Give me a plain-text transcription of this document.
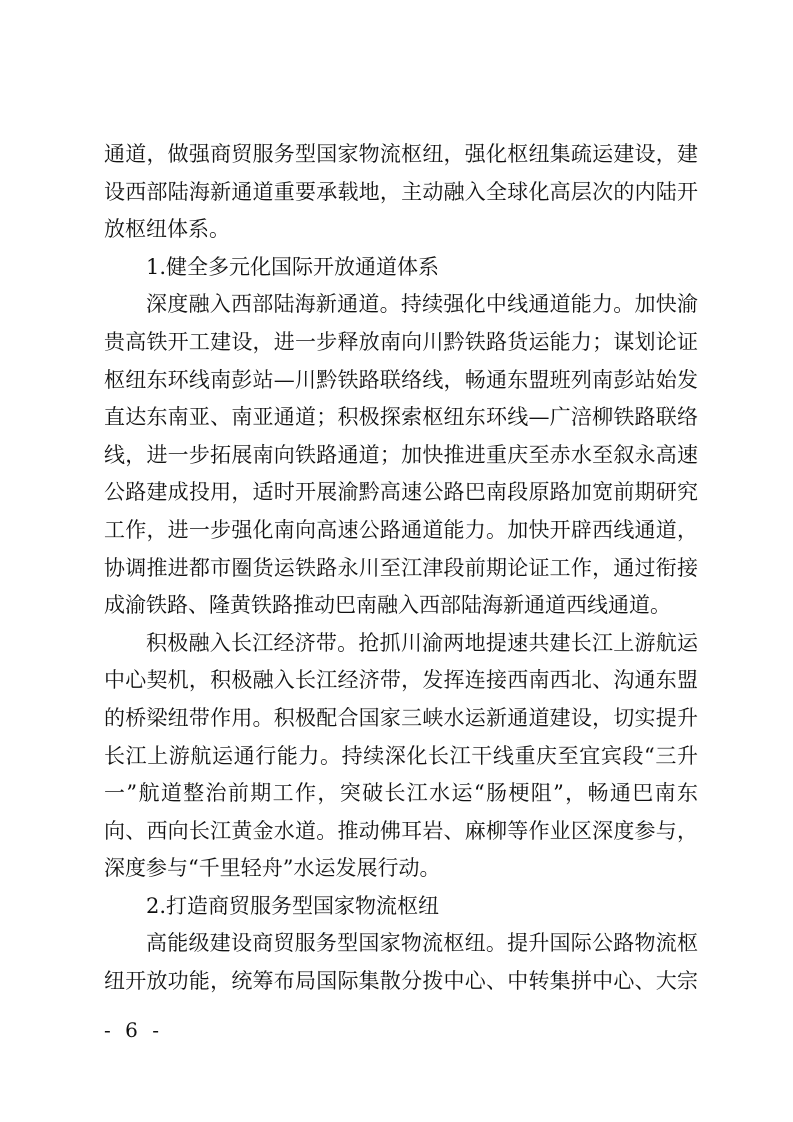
通道，做强商贸服务型国家物流枢纽，强化枢纽集疏运建设，建
设西部陆海新通道重要承载地，主动融入全球化高层次的内陆开
放枢纽体系。
1.健全多元化国际开放通道体系
深度融入西部陆海新通道。持续强化中线通道能力。加快渝
贵高铁开工建设，进一步释放南向川黔铁路货运能力；谋划论证
枢纽东环线南彭站—川黔铁路联络线，畅通东盟班列南彭站始发
直达东南亚、南亚通道；积极探索枢纽东环线—广涪柳铁路联络
线，进一步拓展南向铁路通道；加快推进重庆至赤水至叙永高速
公路建成投用，适时开展渝黔高速公路巴南段原路加宽前期研究
工作，进一步强化南向高速公路通道能力。加快开辟西线通道，
协调推进都市圈货运铁路永川至江津段前期论证工作，通过衔接
成渝铁路、隆黄铁路推动巴南融入西部陆海新通道西线通道。
积极融入长江经济带。抢抓川渝两地提速共建长江上游航运
中心契机，积极融入长江经济带，发挥连接西南西北、沟通东盟
的桥梁纽带作用。积极配合国家三峡水运新通道建设，切实提升
长江上游航运通行能力。持续深化长江干线重庆至宜宾段“三升
一”航道整治前期工作，突破长江水运“肠梗阻”，畅通巴南东
向、西向长江黄金水道。推动佛耳岩、麻柳等作业区深度参与，
深度参与“千里轻舟”水运发展行动。
2.打造商贸服务型国家物流枢纽
高能级建设商贸服务型国家物流枢纽。提升国际公路物流枢
纽开放功能，统筹布局国际集散分拨中心、中转集拼中心、大宗
- 6 -
